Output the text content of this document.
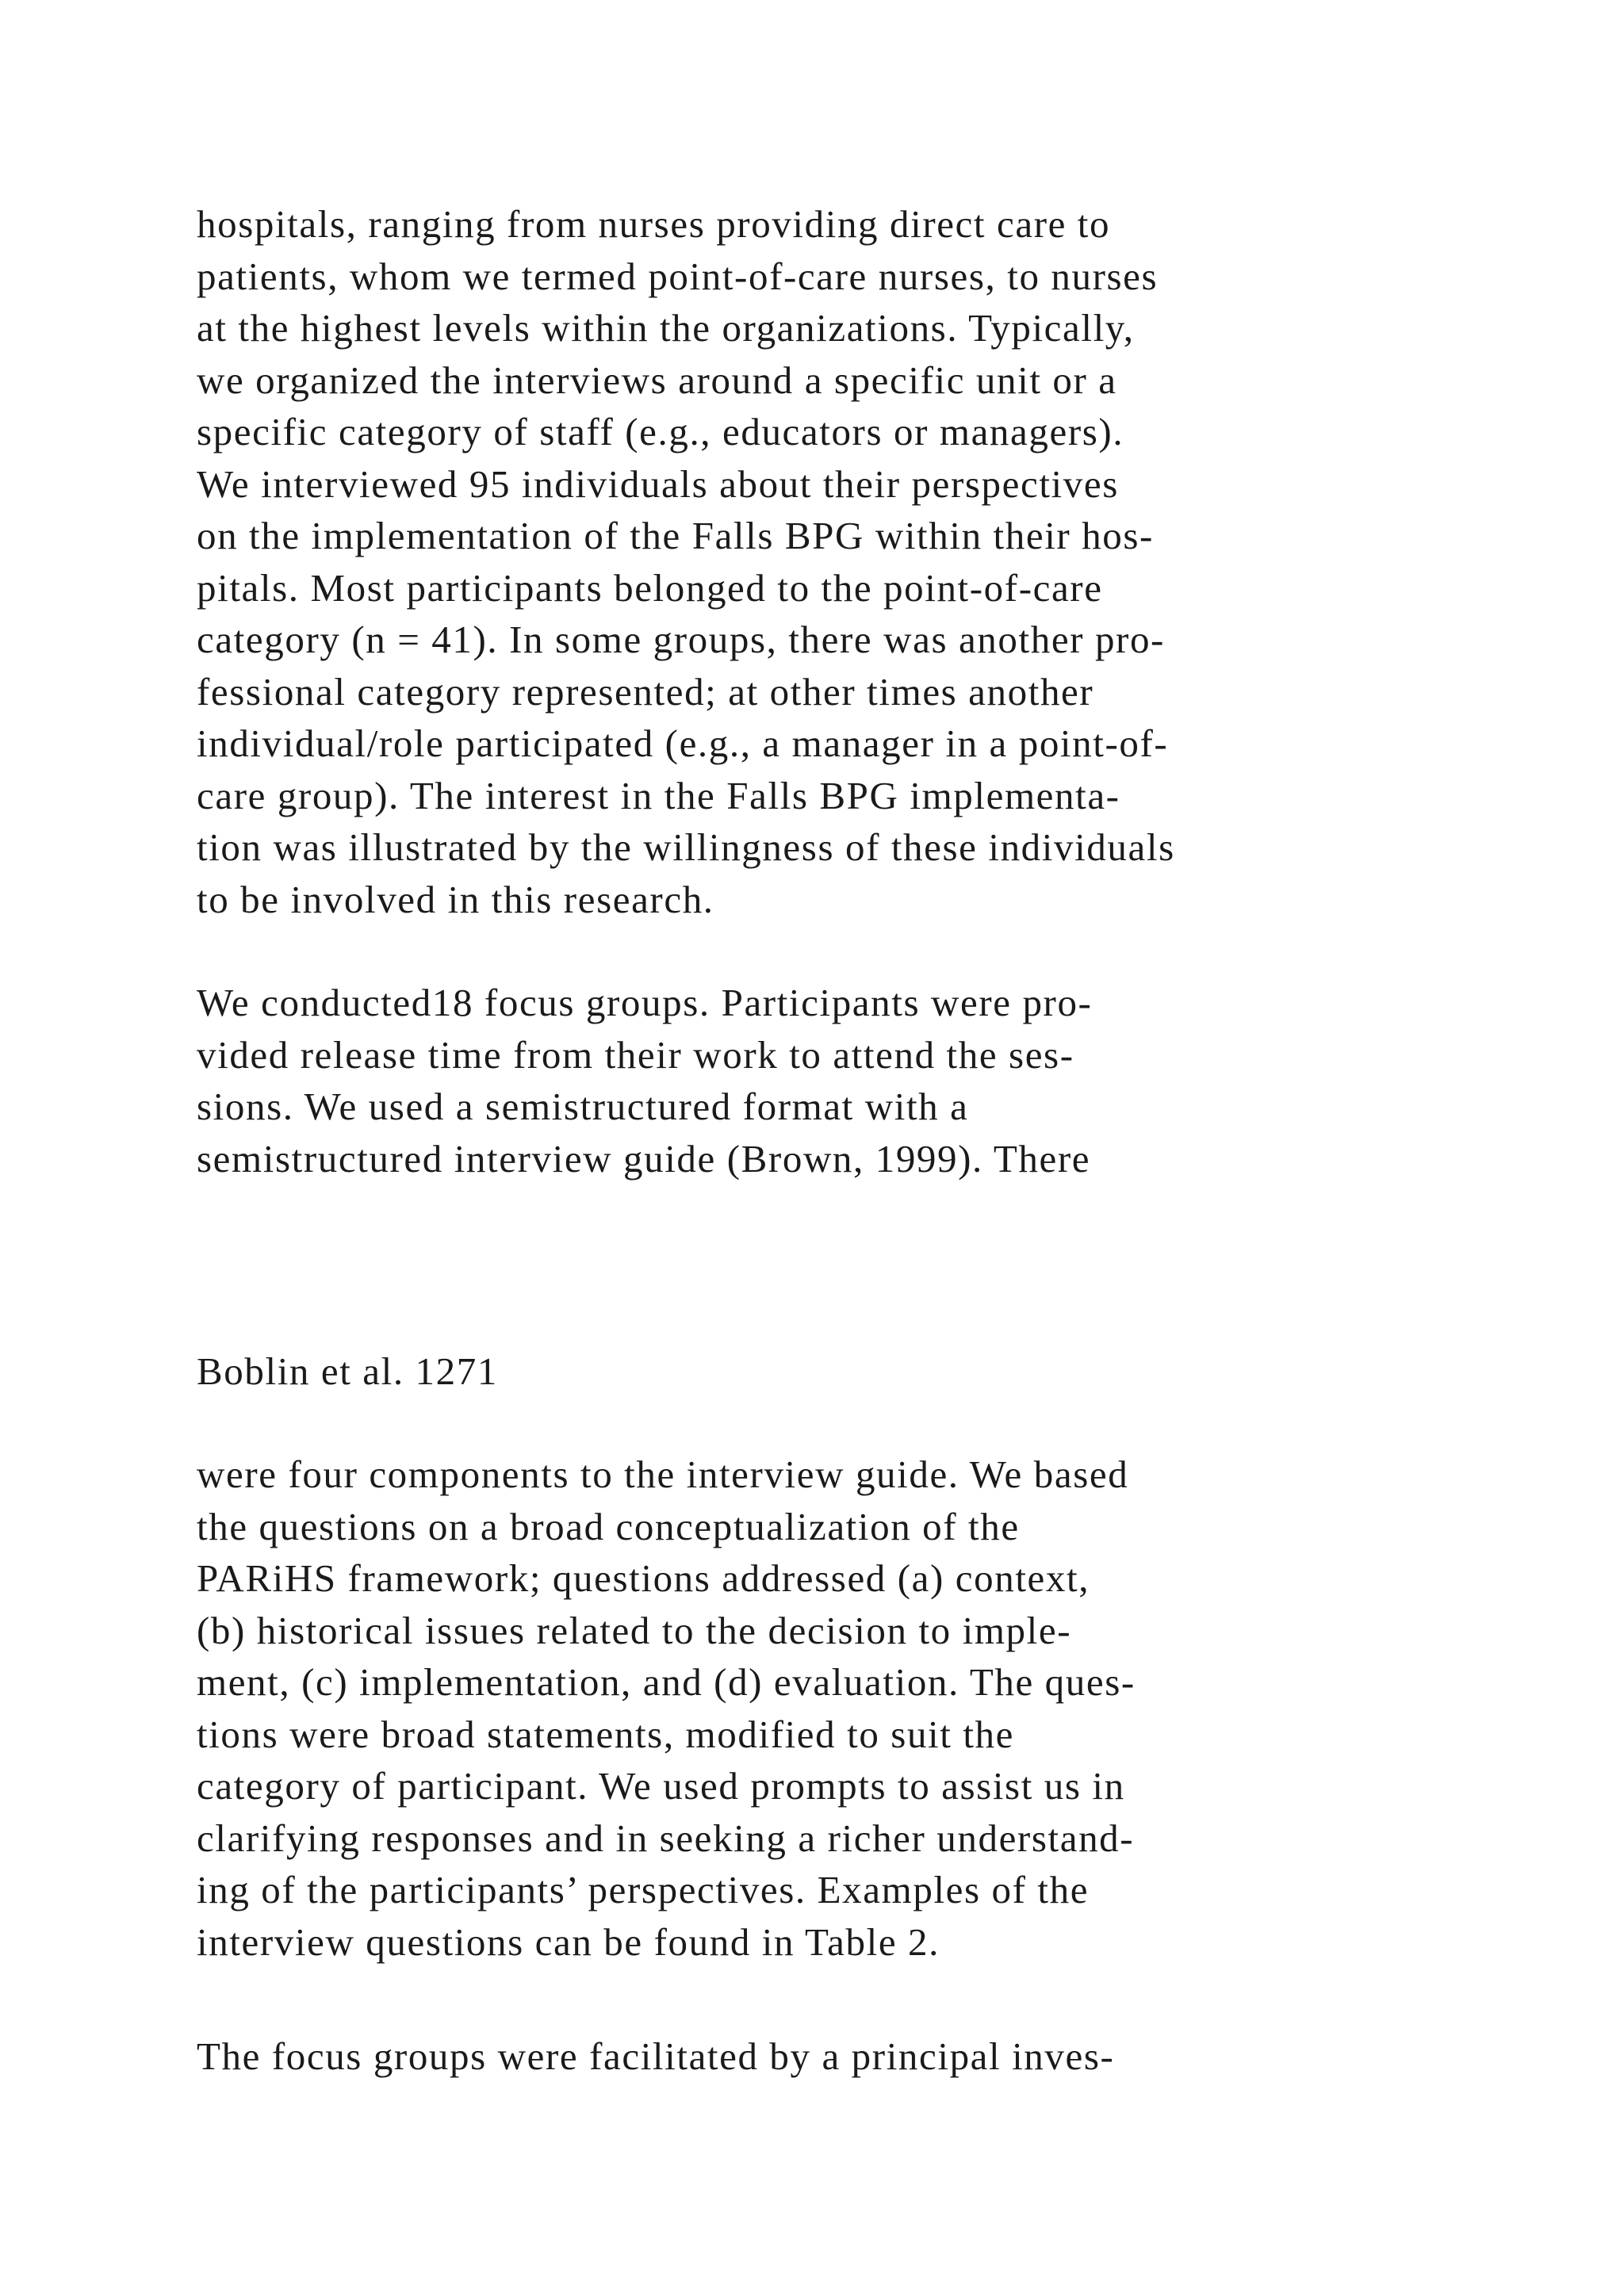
hospitals, ranging from nurses providing direct care to
patients, whom we termed point-of-care nurses, to nurses
at the highest levels within the organizations. Typically,
we organized the interviews around a specific unit or a
specific category of staff (e.g., educators or managers).
We interviewed 95 individuals about their perspectives
on the implementation of the Falls BPG within their hos-
pitals. Most participants belonged to the point-of-care
category (n = 41). In some groups, there was another pro-
fessional category represented; at other times another
individual/role participated (e.g., a manager in a point-of-
care group). The interest in the Falls BPG implementa-
tion was illustrated by the willingness of these individuals
to be involved in this research.

We conducted18 focus groups. Participants were pro-
vided release time from their work to attend the ses-
sions. We used a semistructured format with a
semistructured interview guide (Brown, 1999). There

Boblin et al. 1271

were four components to the interview guide. We based
the questions on a broad conceptualization of the
PARiHS framework; questions addressed (a) context,
(b) historical issues related to the decision to imple-
ment, (c) implementation, and (d) evaluation. The ques-
tions were broad statements, modified to suit the
category of participant. We used prompts to assist us in
clarifying responses and in seeking a richer understand-
ing of the participants’ perspectives. Examples of the
interview questions can be found in Table 2.

The focus groups were facilitated by a principal inves-
